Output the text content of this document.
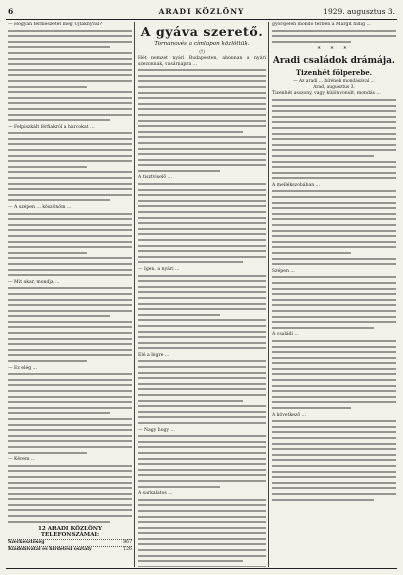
6	ARADI KÖZLÖNY	1929. augusztus 3.
— Hogyan természetét meg Ujtáknyval?
— Felpiszkált férfiakról a harcokat ...
— A szépen ... köszönöm ...
— Mit akar, mondja ...
— Ez elég ...
— Kérem ...
12 ARADI KÖZLÖNY TELEFONSZÁMAI:
Szerkesztőség	867
Kiadóhivatal és hirdetési osztály	126
A gyáva szerető.
Tornanovés a címlapon közlöttük.
(†)
Hét nemzet nyári Budapesten, ahonnan a nyári szezonnak, vasárnapra ...
A tisztviselő ...
— Igen, a nyári ...
Elé a bigre ...
— Nagy hogy ...
A sarkalatos ...
gyorsjelen mondó térben a Margit hídig ...
* * *
Aradi családok drámája.
Tizenhét fölperebe.
— Az aradi ... hírének mondásával ...
Arad, augusztus 3.
Tizenhét asszony, vagy különvonult, mondás ...
A mellékszobában ...
Szépen ...
A családi ...
A következő ...
